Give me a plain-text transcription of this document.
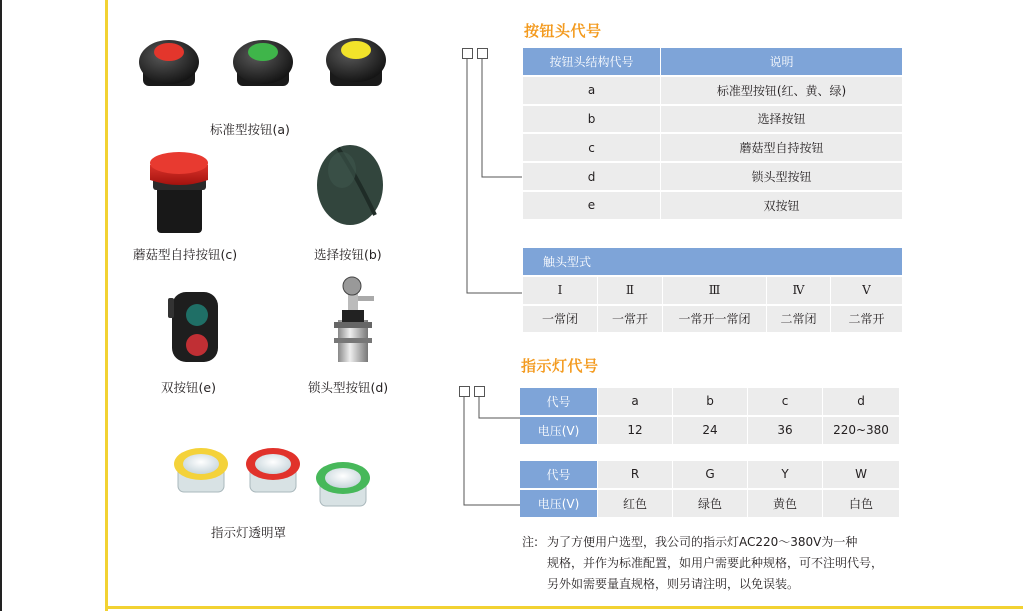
标准型按钮(a)
蘑菇型自持按钮(c)	选择按钮(b)
双按钮(e)	锁头型按钮(d)
指示灯透明罩
按钮头代号
指示灯代号
按钮头结构代号	说明
a	标准型按钮(红、黄、绿)
b	选择按钮
c	蘑菇型自持按钮
d	锁头型按钮
e	双按钮
触头型式				
Ⅰ	Ⅱ	Ⅲ	Ⅳ	Ⅴ
一常闭	一常开	一常开一常闭	二常闭	二常开
代号	a	b	c	d
电压(V)	12	24	36	220~380
代号	R	G	Y	W
电压(V)	红色	绿色	黄色	白色
注: 为了方便用户选型，我公司的指示灯AC220～380V为一种
规格，并作为标准配置，如用户需要此种规格，可不注明代号，
另外如需要量直规格，则另请注明，以免误装。
